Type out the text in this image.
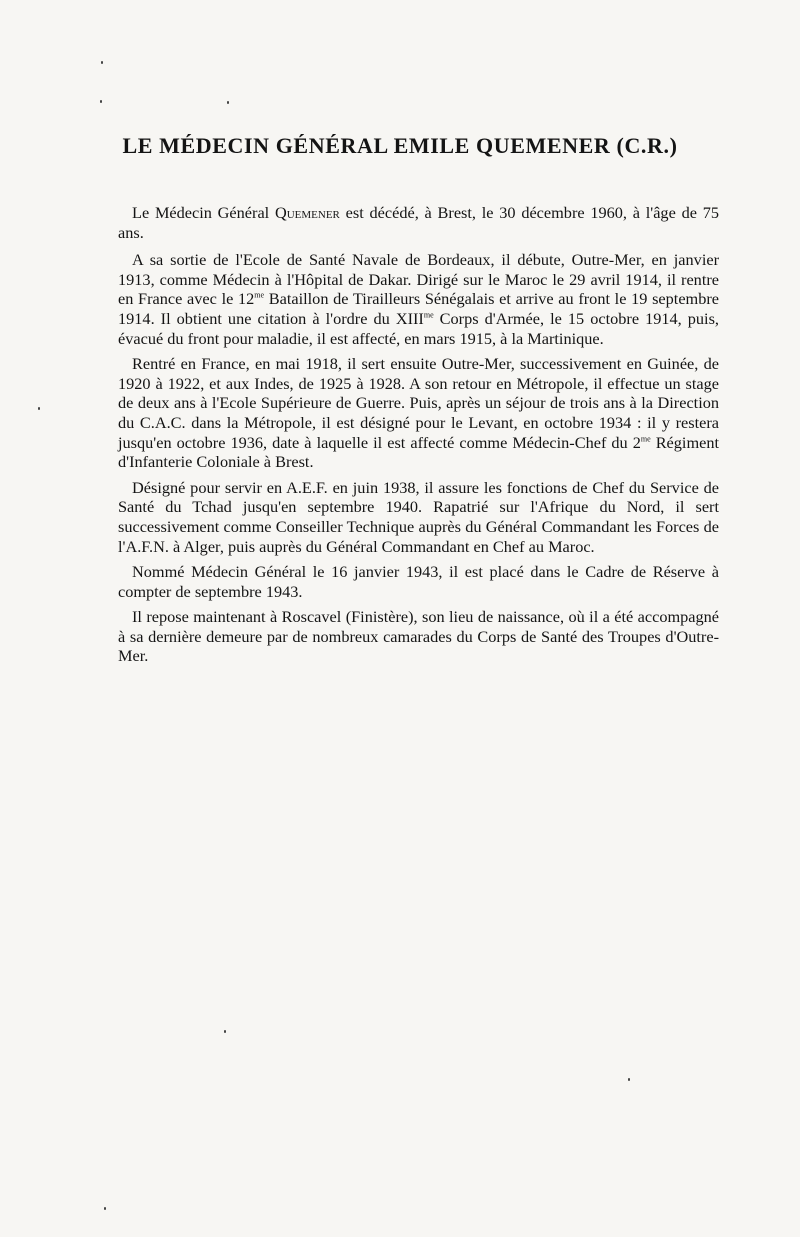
LE MÉDECIN GÉNÉRAL EMILE QUEMENER (C.R.)

Le Médecin Général Quemener est décédé, à Brest, le 30 décembre 1960, à l'âge de 75 ans.

A sa sortie de l'Ecole de Santé Navale de Bordeaux, il débute, Outre-Mer, en janvier 1913, comme Médecin à l'Hôpital de Dakar. Dirigé sur le Maroc le 29 avril 1914, il rentre en France avec le $12^{me}$ Bataillon de Tirailleurs Sénégalais et arrive au front le 19 septembre 1914. Il obtient une citation à l'ordre du $XIII^{me}$ Corps d'Armée, le 15 octobre 1914, puis, évacué du front pour maladie, il est affecté, en mars 1915, à la Martinique.

Rentré en France, en mai 1918, il sert ensuite Outre-Mer, successivement en Guinée, de 1920 à 1922, et aux Indes, de 1925 à 1928. A son retour en Métropole, il effectue un stage de deux ans à l'Ecole Supérieure de Guerre. Puis, après un séjour de trois ans à la Direction du C.A.C. dans la Métropole, il est désigné pour le Levant, en octobre 1934 : il y restera jusqu'en octobre 1936, date à laquelle il est affecté comme Médecin-Chef du $2^{me}$ Régiment d'Infanterie Coloniale à Brest.

Désigné pour servir en A.E.F. en juin 1938, il assure les fonctions de Chef du Service de Santé du Tchad jusqu'en septembre 1940. Rapatrié sur l'Afrique du Nord, il sert successivement comme Conseiller Technique auprès du Général Commandant les Forces de l'A.F.N. à Alger, puis auprès du Général Commandant en Chef au Maroc.

Nommé Médecin Général le 16 janvier 1943, il est placé dans le Cadre de Réserve à compter de septembre 1943.

Il repose maintenant à Roscavel (Finistère), son lieu de naissance, où il a été accompagné à sa dernière demeure par de nombreux camarades du Corps de Santé des Troupes d'Outre-Mer.
